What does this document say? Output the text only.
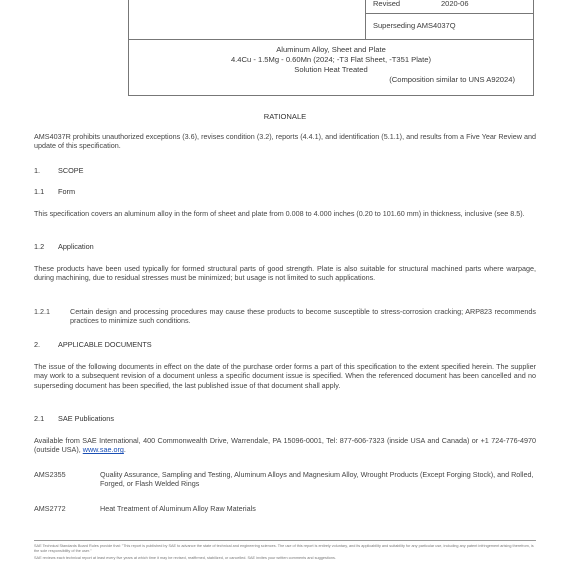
Revised	2020-06
Superseding AMS4037Q
Aluminum Alloy, Sheet and Plate
4.4Cu - 1.5Mg - 0.60Mn (2024; -T3 Flat Sheet, -T351 Plate)
Solution Heat Treated
(Composition similar to UNS A92024)
RATIONALE
AMS4037R prohibits unauthorized exceptions (3.6), revises condition (3.2), reports (4.4.1), and identification (5.1.1), and results from a Five Year Review and update of this specification.
1. SCOPE
1.1 Form
This specification covers an aluminum alloy in the form of sheet and plate from 0.008 to 4.000 inches (0.20 to 101.60 mm) in thickness, inclusive (see 8.5).
1.2 Application
These products have been used typically for formed structural parts of good strength. Plate is also suitable for structural machined parts where warpage, during machining, due to residual stresses must be minimized; but usage is not limited to such applications.
1.2.1	Certain design and processing procedures may cause these products to become susceptible to stress-corrosion cracking; ARP823 recommends practices to minimize such conditions.
2. APPLICABLE DOCUMENTS
The issue of the following documents in effect on the date of the purchase order forms a part of this specification to the extent specified herein. The supplier may work to a subsequent revision of a document unless a specific document issue is specified. When the referenced document has been cancelled and no superseding document has been specified, the last published issue of that document shall apply.
2.1 SAE Publications
Available from SAE International, 400 Commonwealth Drive, Warrendale, PA 15096-0001, Tel: 877-606-7323 (inside USA and Canada) or +1 724-776-4970 (outside USA), www.sae.org.
AMS2355	Quality Assurance, Sampling and Testing, Aluminum Alloys and Magnesium Alloy, Wrought Products (Except Forging Stock), and Rolled, Forged, or Flash Welded Rings
AMS2772	Heat Treatment of Aluminum Alloy Raw Materials
SAE Technical Standards Board Rules provide that: "This report is published by SAE to advance the state of technical and engineering sciences. The use of this report is entirely voluntary, and its applicability and suitability for any particular use, including any patent infringement arising therefrom, is the sole responsibility of the user."
SAE reviews each technical report at least every five years at which time it may be revised, reaffirmed, stabilized, or cancelled. SAE invites your written comments and suggestions.
